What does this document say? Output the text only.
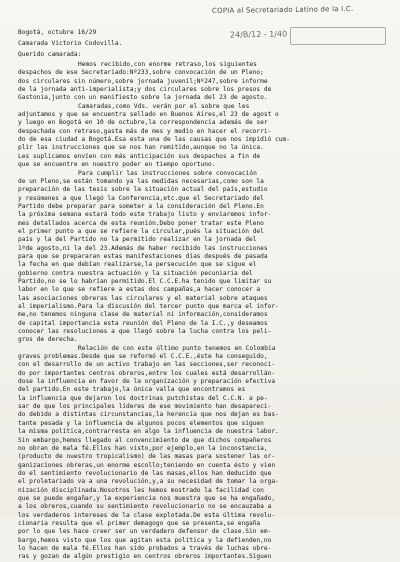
COPIA al Secretariado Latino de la I.C.
24/B/12 - 1/40
Bogotá, octubre 16/29
Camarada Victorio Codovilla.
Querido camarada:
Hemos recibido,con enorme retraso,los siguientes
despachos de ese Secretariado:Nº233,sobre convocación de un Pleno;
dos circulares sin número,sobre jornada juvenil;Nº247,sobre informe
de la jornada anti-imperialista;y dos circulares sobre los presos de
Gastonia,junto con un manifiesto sobre la jornada del 23 de agosto.
Camaradas,como Vds. verán por el sobre que les
adjuntamos y que se encuentra sellado en Buenos Aires,el 23 de agost o
y luego en Bogotá en 10 de octubre,la correspondencia además de ser
despachada con retraso,gasta más de mes y medio en hacer el recorri-
do de esa ciudad a Bogotá.Esa esta una de las causas que nos impidió cum-
plir las instrucciones que se nos han remitido,aunque no la única.
Les suplicamos envíen con más anticipación sus despachos a fin de
que se encuentre en nuestro poder en tiempo oportuno.
Para cumplir las instrucciones sobre convocación
de un Pleno,se están tomando ya las medidas necesarias,como son la
preparación de las tesis sobre la situación actual del país,estudio
y resúmenes a que llegó la Conferencia,etc.que el Secretariado del
Partido debe preparar para someter a la consideración del Pleno.En
la próxima semana estará todo este trabajo listo y enviaremos infor-
mes detallados acerca de esta reunión.Debo poner tratar este Pleno
el primer punto a que se refiere la circular,pués la situación del
país y la del Partido no la permitido realizar en la jornada del
1ºde agosto,ni la del 23.Además de haber recibido las instrucciones
para que se prepararan estas manifestaciones días después de pasada
la fecha en que debían realizarse,la persecución que se sigue el
gobierno contra nuestra actuación y la situación pecuniaria del
Partido,no se lo habrían permitido.El C.C.E.ha tenido que limitar su
labor en lo que se refiere a estas dos campañas,a hacer conocer a
las asociaciones obreras las circulares y el material sobre ataques
al imperialismo.Para la discusión del tercer punto que marca el infor-
me,no tenemos ninguna clase de material ni información,consideramos
de capital importancia esta reunión del Pleno de la I.C.,y deseamos
conocer las resoluciones a que llegó sobre la lucha contra los peli-
gros de derecha.
Relación de con este último punto tenemos en Colombia
graves problemas.Desde que se reformó el C.C.E.,éste ha conseguido,
con el desarrollo de un activo trabajo en las secciones,ser reconoci-
do por importantes centros obreros,entre los cuales está desarrollán-
dose la influencia en favor de la organización y preparación efectiva
del partido.En este trabajo,la única valla que encontramos es
la influencia que dejaron los doctrinas putchistas del C.C.N. a pe-
sar de que los principales líderes de ese movimiento han desapareci-
do debido a distintas circunstancias,la herencia que nos dejan es bas-
tante pesada y la influencia de algunos pocos elementos que siguen
la misma política,contrarresta en algo la influencia de nuestra labor.
Sin embargo,hemos llegado al convencimiento de que dichos compañeros
no obran de mala fé.Ellos han visto,por ejemplo,en la inconstancia,
(producto de nuestro tropicalismo) de las masas para sostener las or-
ganizaciones obreras,un enorme escollo;teniendo en cuenta ésto y vien
do el sentimiento revolucionario de las masas,ellos han deducido que
el proletariado va a una revolución,y,a su necesidad de tomar la orga-
nización disciplinada.Nosotros les hemos mostrado la facilidad con
que se puede engañar,y la experiencia nos muestra que se ha engañado,
a los obreros,cuando su sentimiento revolucionario no se encauzaba a
los verdaderos intereses de la clase explotada.De esta última revolu-
cionaria resulta que el primer demagogo que se presenta,se engaña
por lo que les hace creer ser un verdadero defensor de clase.Sin em-
bargo,hemos visto que los que agitan esta política y la defienden,no
lo hacen de mala fé.Ellos han sido probados a través de luchas obre-
ras y gozan de algún prestigio en centros obreros importantes.Siguen
